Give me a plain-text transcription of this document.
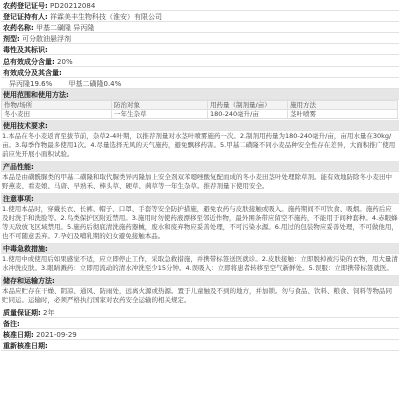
农药登记证号: PD20212084
登记证持有人: 祥霖美丰生物科技（淮安）有限公司
农药名称: 甲基二磺隆 异丙隆
剂型: 可分散油悬浮剂
毒性及其标识:
总有效成分含量: 20%
有效成分及其含量:
异丙隆19.6% 甲基二磺隆0.4%
使用范围和使用方法:
作物/场所	防治对象	用药量（制剂量/亩）	施用方法
冬小麦田	一年生杂草	180-240毫升/亩	茎叶喷雾
使用技术要求:
1.本品在冬小麦返青至拔节前，杂草2-4叶期，以推荐剂量对水茎叶喷雾施药一次。2.制剂用药量为180-240毫升/亩，亩用水量在30kg/亩。3.每季作物最多使用1次。4.尽量选择无风的天气施药，避免飘移药害。5.甲基二磺隆不同小麦品种安全性存在差异，大面积推广使用前应先开展小面积试验。
产品性能:
本品是由磺酰脲类的甲基二磺隆和取代脲类异丙隆加上安全剂双苯噁唑酸复配而成的冬小麦田茎叶处理除草剂。能有效地防除冬小麦田中野燕麦、看麦娘、马唐、早熟禾、棒头草、硬草、菵草等一年生杂草。推荐剂量下使用安全。
注意事项:
1.使用本品时，穿戴长衣、长裤、帽子、口罩、手套等安全防护措施，避免农药与皮肤接触或吸入。施药期间不可饮食、吸烟。施药后应及时洗手和洗脸等。2.鸟类保护区附近禁用。3.施用时勿使药液漂移至邻近作物，最外围条带应留空不施药，不能用于间种套种。4.赤眼蜂等天敌放飞区域禁用。5.施药后彻底清洗施药器械，废水和废弃物应妥善处理，不可污染水源。6.用过的包装物应妥善处理，不可做他用，也不可随意丢弃。7.孕妇及哺乳期的妇女避免接触本品。
中毒急救措施:
1.使用中或使用后如果感觉不适，应立即停止工作，采取急救措施，并携带标签送医就诊。2.皮肤接触：立即脱掉被污染的衣物，用大量清水冲洗皮肤。3.眼睛溅药：立即用流动的清水冲洗至少15分钟。4.误吸入：立即将患者转移至空气新鲜处。5.误服：立即携带标签就医。
储存和运输方法:
本品应贮存在干燥、阴凉、通风、防雨处，远离火源或热源。置于儿童触及不到的地方，并加锁。勿与食品、饮料、粮食、饲料等物品同贮同运。运输时，必须严格执行国家对农药安全运输的相关规定。
质量保证期: 2年
备注:
核准日期: 2021-09-29
重新核准日期:
